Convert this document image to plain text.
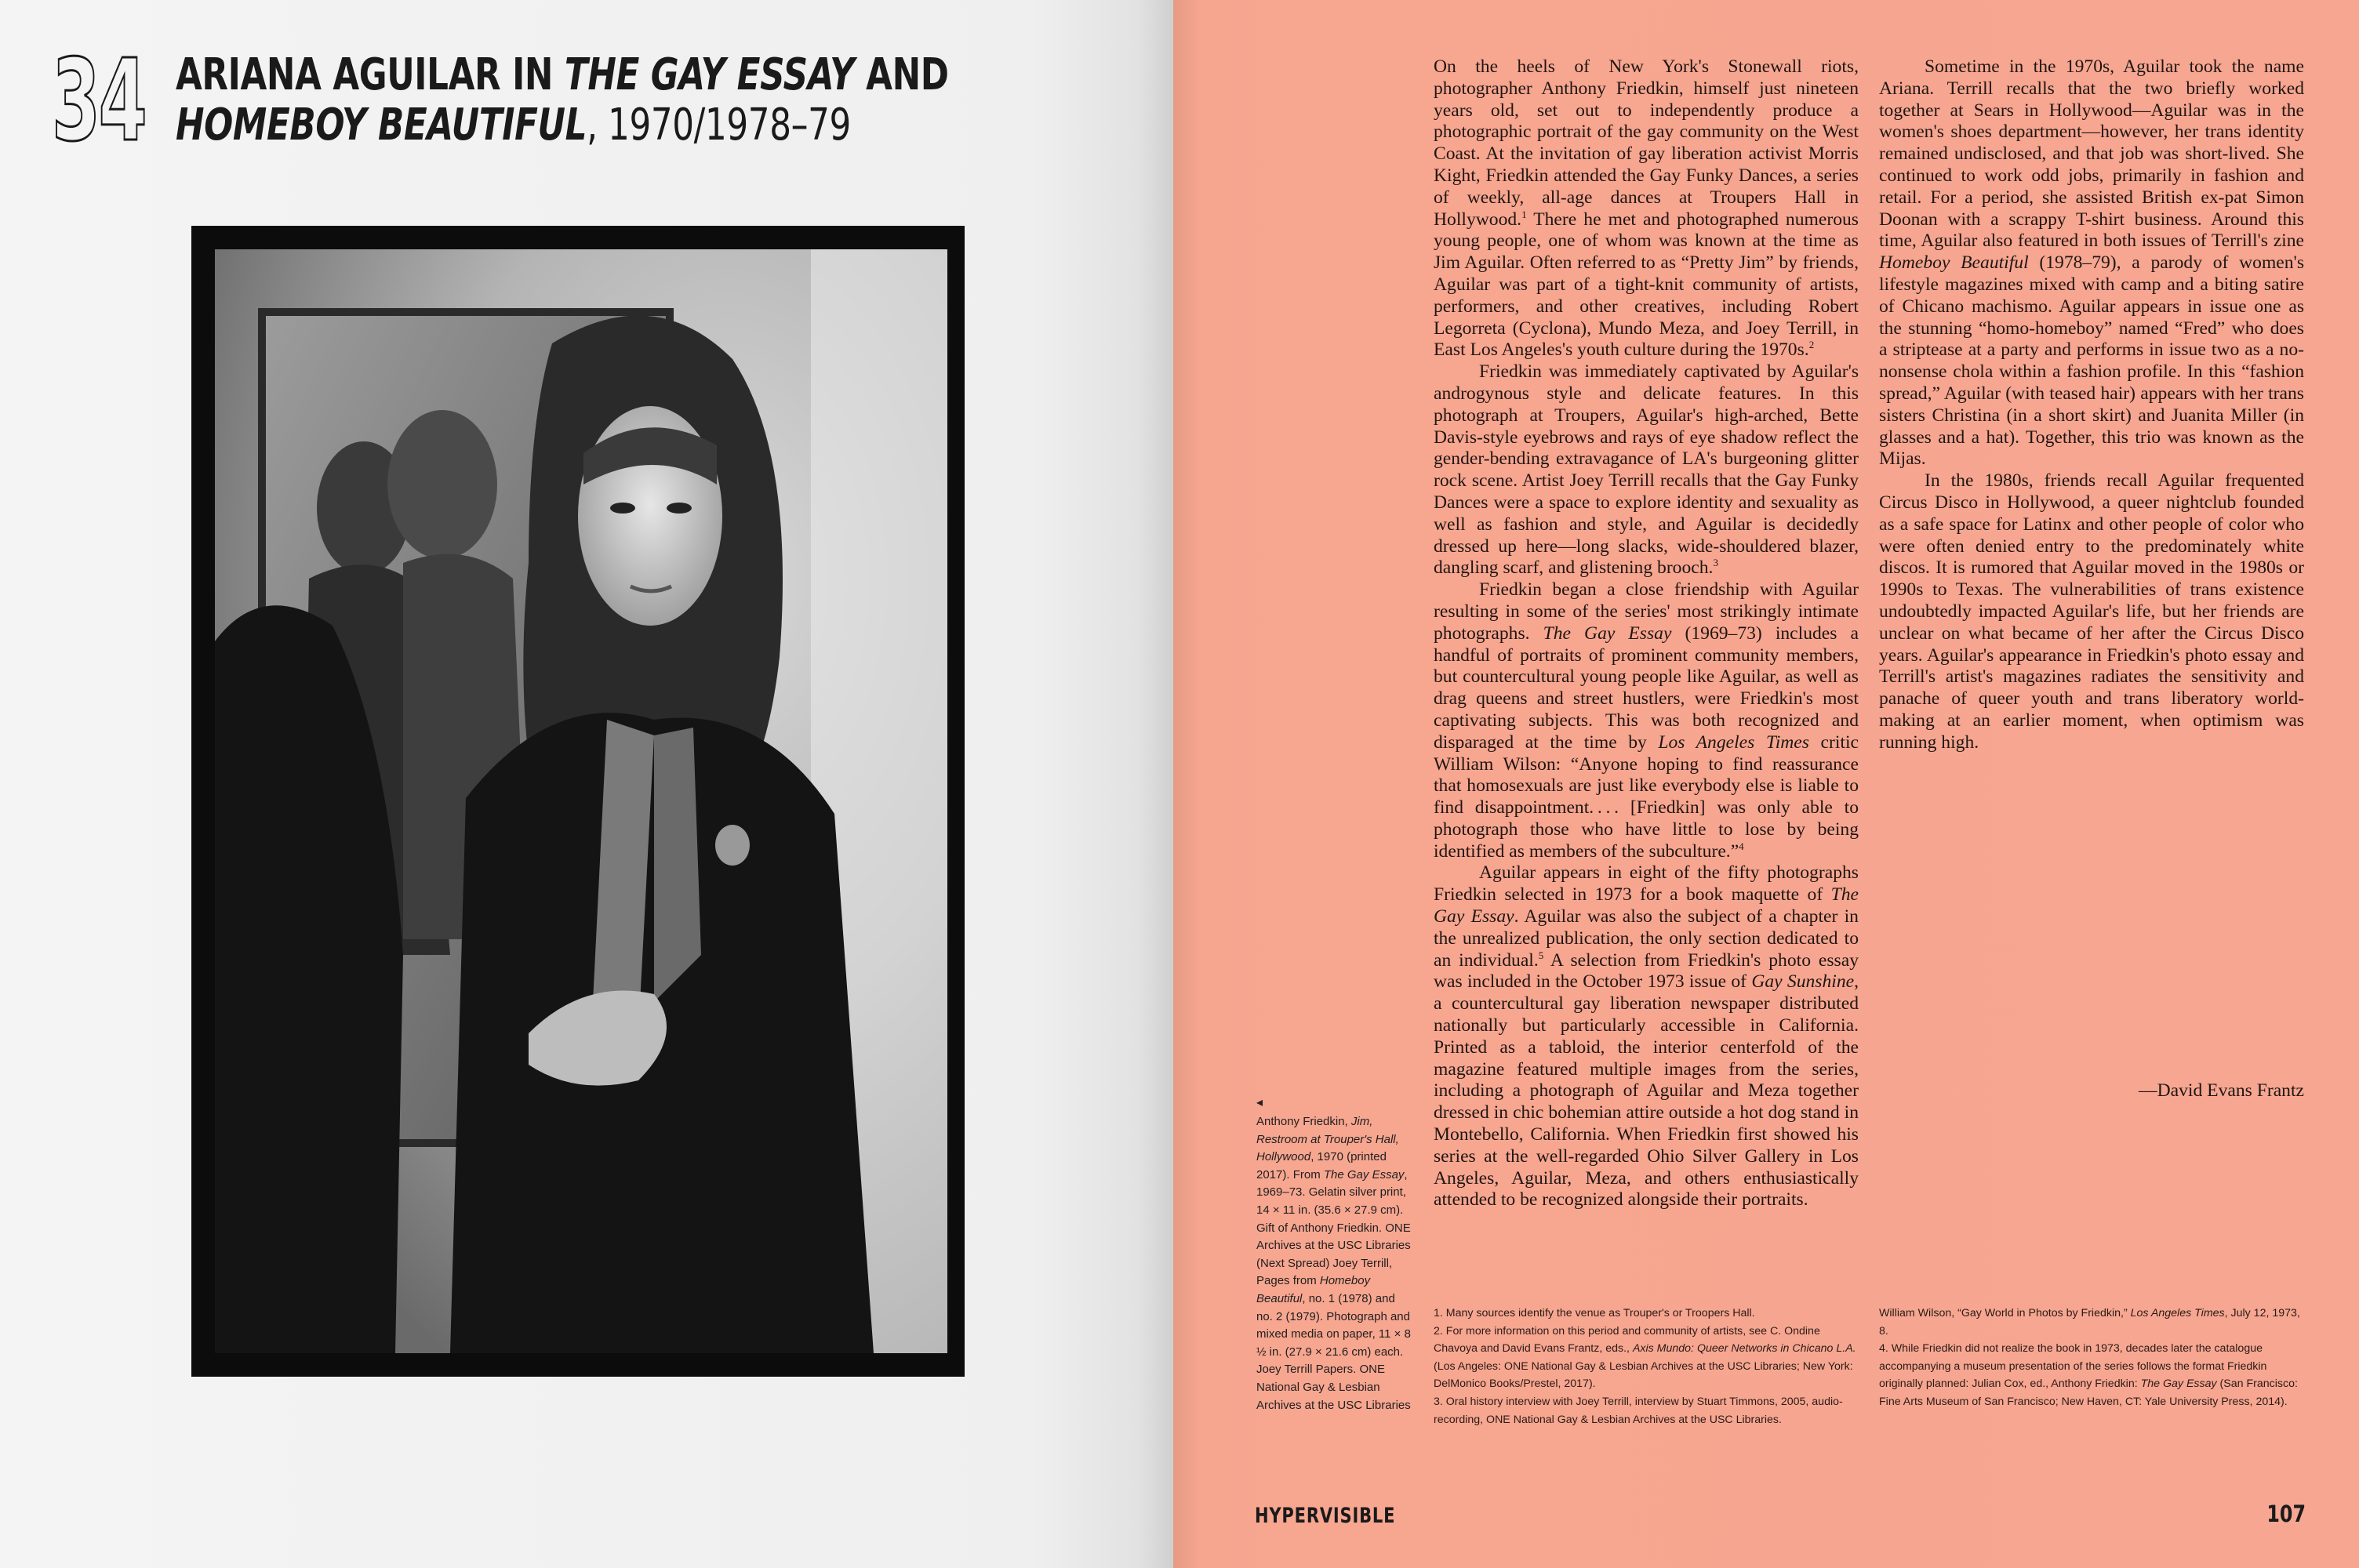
34 ARIANA AGUILAR IN THE GAY ESSAY AND
HOMEBOY BEAUTIFUL, 1970/1978–79
◂

Anthony Friedkin, Jim, Restroom at Trouper's Hall, Hollywood, 1970 (printed 2017). From The Gay Essay, 1969–73. Gelatin silver print, 14 × 11 in. (35.6 × 27.9 cm). Gift of Anthony Friedkin. ONE Archives at the USC Libraries (Next Spread) Joey Terrill, Pages from Homeboy Beautiful, no. 1 (1978) and no. 2 (1979). Photograph and mixed media on paper, 11 × 8 ½ in. (27.9 × 21.6 cm) each. Joey Terrill Papers. ONE National Gay & Lesbian Archives at the USC Libraries

On the heels of New York's Stonewall riots, photographer Anthony Friedkin, himself just nineteen years old, set out to independently produce a photographic portrait of the gay community on the West Coast. At the invitation of gay liberation activist Morris Kight, Friedkin attended the Gay Funky Dances, a series of weekly, all-age dances at Troupers Hall in Hollywood.$^1$ There he met and photographed numerous young people, one of whom was known at the time as Jim Aguilar. Often referred to as “Pretty Jim” by friends, Aguilar was part of a tight-knit community of artists, performers, and other creatives, including Robert Legorreta (Cyclona), Mundo Meza, and Joey Terrill, in East Los Angeles's youth culture during the 1970s.$^2$

Friedkin was immediately captivated by Aguilar's androgynous style and delicate features. In this photograph at Troupers, Aguilar's high-arched, Bette Davis-style eyebrows and rays of eye shadow reflect the gender-bending extravagance of LA's burgeoning glitter rock scene. Artist Joey Terrill recalls that the Gay Funky Dances were a space to explore identity and sexuality as well as fashion and style, and Aguilar is decidedly dressed up here—long slacks, wide-shouldered blazer, dangling scarf, and glistening brooch.$^3$

Friedkin began a close friendship with Aguilar resulting in some of the series' most strikingly intimate photographs. The Gay Essay (1969–73) includes a handful of portraits of prominent community members, but countercultural young people like Aguilar, as well as drag queens and street hustlers, were Friedkin's most captivating subjects. This was both recognized and disparaged at the time by Los Angeles Times critic William Wilson: “Anyone hoping to find reassurance that homosexuals are just like everybody else is liable to find disappointment. . . . [Friedkin] was only able to photograph those who have little to lose by being identified as members of the subculture.”$^4$

Aguilar appears in eight of the fifty photographs Friedkin selected in 1973 for a book maquette of The Gay Essay. Aguilar was also the subject of a chapter in the unrealized publication, the only section dedicated to an individual.$^5$ A selection from Friedkin's photo essay was included in the October 1973 issue of Gay Sunshine, a countercultural gay liberation newspaper distributed nationally but particularly accessible in California. Printed as a tabloid, the interior centerfold of the magazine featured multiple images from the series, including a photograph of Aguilar and Meza together dressed in chic bohemian attire outside a hot dog stand in Montebello, California. When Friedkin first showed his series at the well-regarded Ohio Silver Gallery in Los Angeles, Aguilar, Meza, and others enthusiastically attended to be recognized alongside their portraits.

Sometime in the 1970s, Aguilar took the name Ariana. Terrill recalls that the two briefly worked together at Sears in Hollywood—Aguilar was in the women's shoes department—however, her trans identity remained undisclosed, and that job was short-lived. She continued to work odd jobs, primarily in fashion and retail. For a period, she assisted British ex-pat Simon Doonan with a scrappy T-shirt business. Around this time, Aguilar also featured in both issues of Terrill's zine Homeboy Beautiful (1978–79), a parody of women's lifestyle magazines mixed with camp and a biting satire of Chicano machismo. Aguilar appears in issue one as the stunning “homo-homeboy” named “Fred” who does a striptease at a party and performs in issue two as a no-nonsense chola within a fashion profile. In this “fashion spread,” Aguilar (with teased hair) appears with her trans sisters Christina (in a short skirt) and Juanita Miller (in glasses and a hat). Together, this trio was known as the Mijas.

In the 1980s, friends recall Aguilar frequented Circus Disco in Hollywood, a queer nightclub founded as a safe space for Latinx and other people of color who were often denied entry to the predominately white discos. It is rumored that Aguilar moved in the 1980s or 1990s to Texas. The vulnerabilities of trans existence undoubtedly impacted Aguilar's life, but her friends are unclear on what became of her after the Circus Disco years. Aguilar's appearance in Friedkin's photo essay and Terrill's artist's magazines radiates the sensitivity and panache of queer youth and trans liberatory world-making at an earlier moment, when optimism was running high.

—David Evans Frantz

1. Many sources identify the venue as Trouper's or Troopers Hall.

2. For more information on this period and community of artists, see C. Ondine Chavoya and David Evans Frantz, eds., Axis Mundo: Queer Networks in Chicano L.A. (Los Angeles: ONE National Gay & Lesbian Archives at the USC Libraries; New York: DelMonico Books/Prestel, 2017).

3. Oral history interview with Joey Terrill, interview by Stuart Timmons, 2005, audio-recording, ONE National Gay & Lesbian Archives at the USC Libraries.

William Wilson, “Gay World in Photos by Friedkin,” Los Angeles Times, July 12, 1973, 8.

4. While Friedkin did not realize the book in 1973, decades later the catalogue accompanying a museum presentation of the series follows the format Friedkin originally planned: Julian Cox, ed., Anthony Friedkin: The Gay Essay (San Francisco: Fine Arts Museum of San Francisco; New Haven, CT: Yale University Press, 2014).

HYPERVISIBLE	107
